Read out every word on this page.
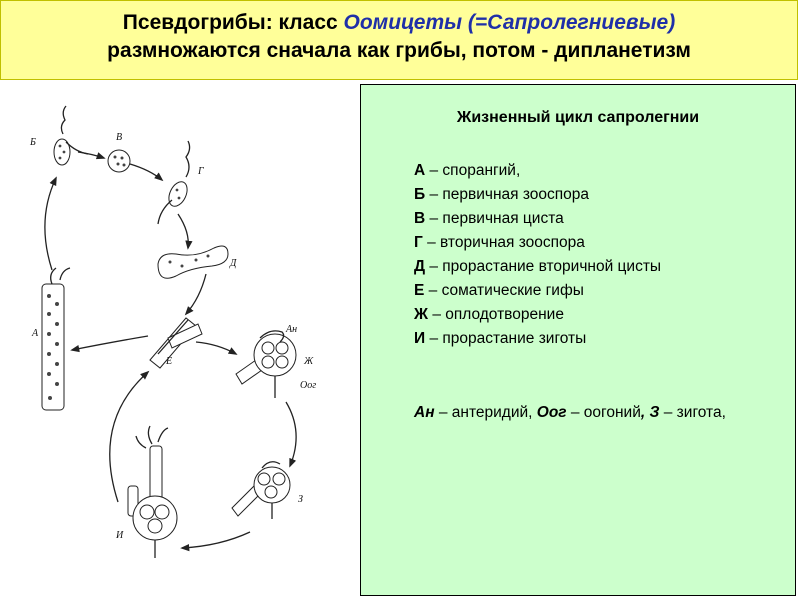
Псевдогрибы: класс Оомицеты (=Сапролегниевые)
размножаются сначала как грибы, потом - дипланетизм
Б	В
Г
Д
А
Е
Ан
Ж
Оог
З
И
Жизненный цикл сапролегнии
А – спорангий,
Б – первичная зооспора
В – первичная циста
Г – вторичная зооспора
Д – прорастание вторичной цисты
Е – соматические гифы
Ж – оплодотворение
И – прорастание зиготы
Ан – антеридий, Оог – оогоний, З – зигота,
